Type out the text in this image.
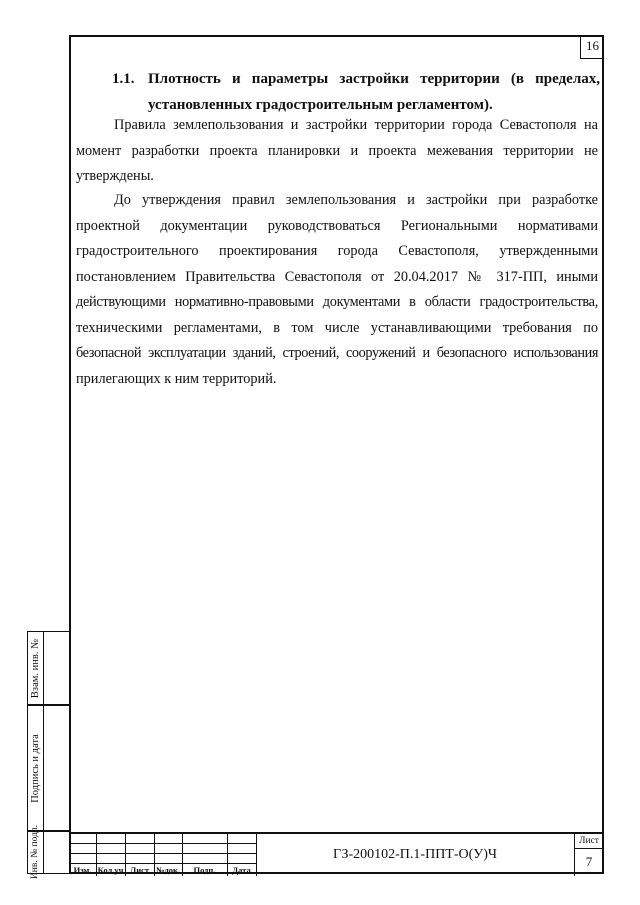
16
1.1. Плотность и параметры застройки территории (в пределах,
установленных градостроительным регламентом).
Правила землепользования и застройки территории города Севастополя на
момент разработки проекта планировки и проекта межевания территории не
утверждены.
До утверждения правил землепользования и застройки при разработке
проектной документации руководствоваться Региональными нормативами
градостроительного проектирования города Севастополя, утвержденными
постановлением Правительства Севастополя от 20.04.2017 № 317-ПП, иными
действующими нормативно-правовыми документами в области градостроительства,
техническими регламентами, в том числе устанавливающими требования по
безопасной эксплуатации зданий, строений, сооружений и безопасного использования
прилегающих к ним территорий.
Взам. инв. №
Подпись и дата
Инв. № подл.	Изм. Кол.уч Лист №док.	Подп.	Дата
ГЗ-200102-П.1-ППТ-О(У)Ч
Лист
7
